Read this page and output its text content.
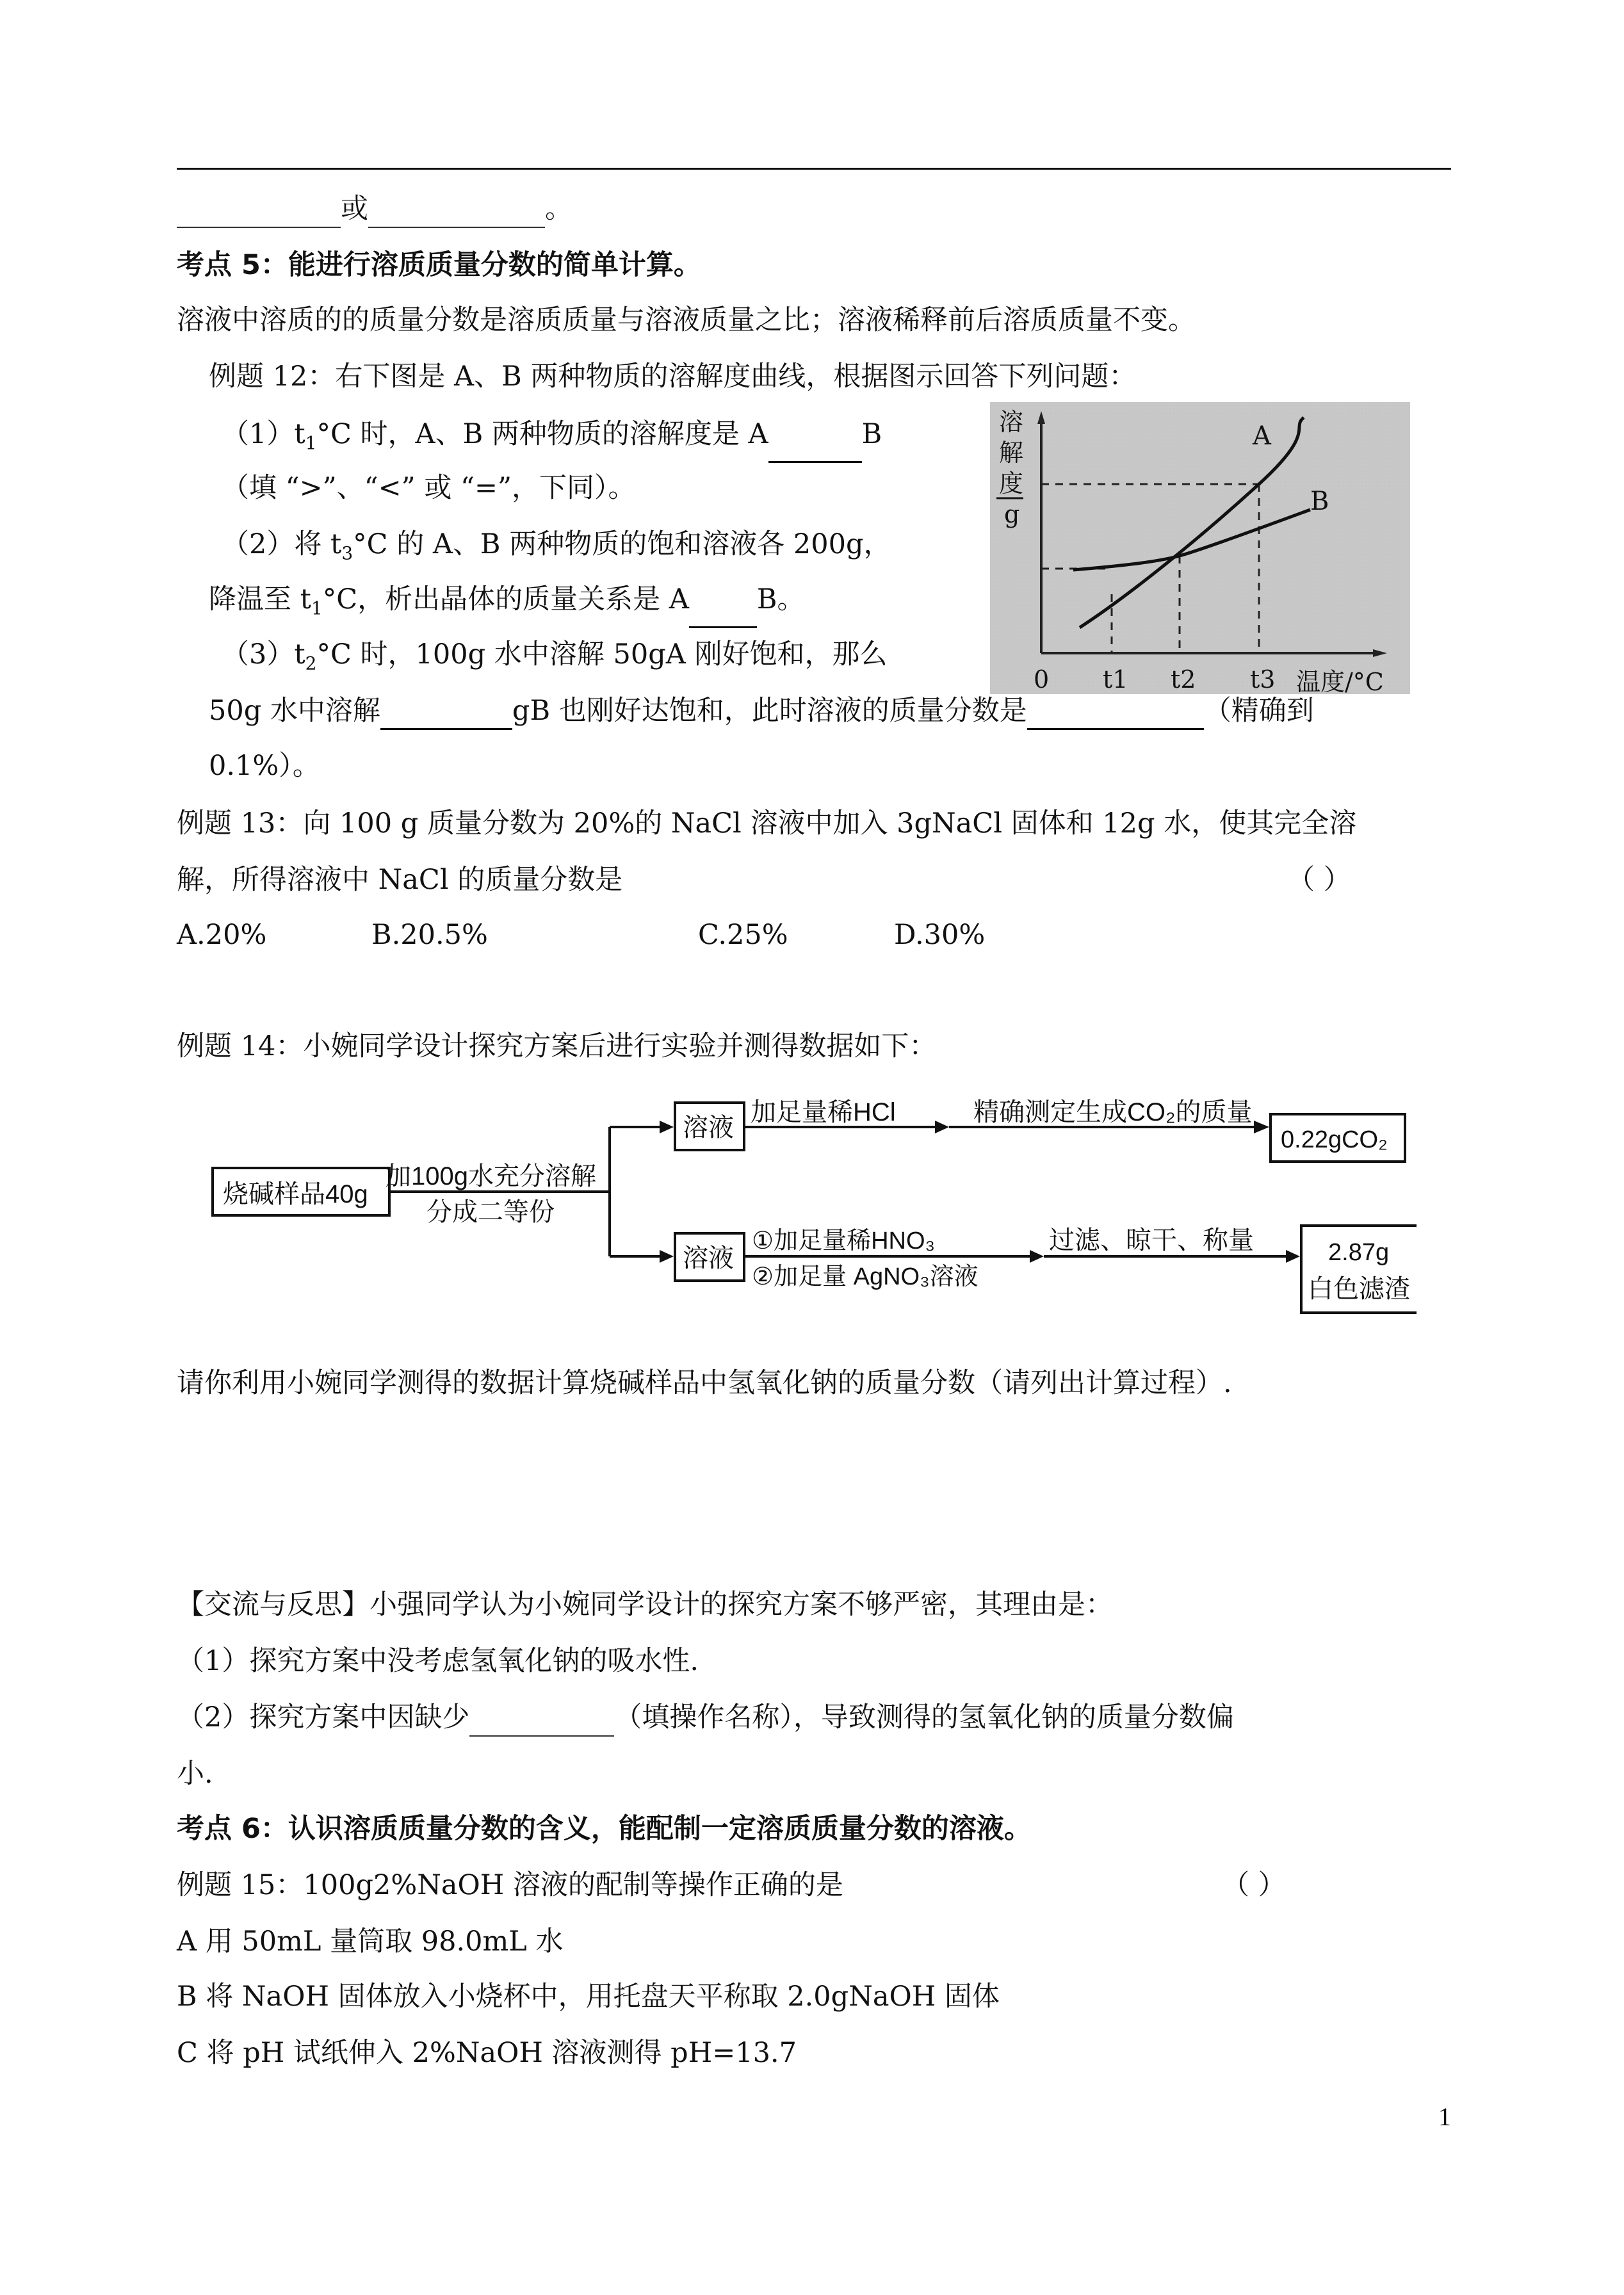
或	。
考点 5：能进行溶质质量分数的简单计算。
溶液中溶质的的质量分数是溶质质量与溶液质量之比；溶液稀释前后溶质质量不变。
例题 12：右下图是 A、B 两种物质的溶解度曲线，根据图示回答下列问题：
$(1)t_1^\circ C$ 时，A、B 两种物质的溶解度是 A	B
（填 “>”、“<” 或 “=”，下同）。
（2）将 $t_3^\circ C$ 的 A、B 两种物质的饱和溶液各 200g，
降温至 $t_1^\circ C$，析出晶体的质量关系是 A B。
$(3)t_2^\circ C$ 时，100g 水中溶解 50gA 刚好饱和，那么
50g 水中溶解	gB 也刚好达饱和，此时溶液的质量分数是	（精确到
0.1%）。
溶
解
度
g
A
B
0 t1 t2 t3 温度/°C
例题 13：向 100 g 质量分数为 20%的 NaCl 溶液中加入 3gNaCl 固体和 12g 水，使其完全溶
解，所得溶液中 NaCl 的质量分数是	（ ）
A.20%	B.20.5%	C.25%	D.30%
例题 14：小婉同学设计探究方案后进行实验并测得数据如下：
烧碱样品40g
加100g水充分溶解
分成二等份
溶液
加足量稀HCl	精确测定生成CO₂的质量
0.22gCO₂
溶液
①加足量稀HNO₃
②加足量 AgNO₃溶液
过滤、晾干、称量	2.87g
白色滤渣
请你利用小婉同学测得的数据计算烧碱样品中氢氧化钠的质量分数（请列出计算过程）.
【交流与反思】小强同学认为小婉同学设计的探究方案不够严密，其理由是：
（1）探究方案中没考虑氢氧化钠的吸水性.
（2）探究方案中因缺少	（填操作名称），导致测得的氢氧化钠的质量分数偏
小.
考点 6：认识溶质质量分数的含义，能配制一定溶质质量分数的溶液。
例题 15：100g2%NaOH 溶液的配制等操作正确的是	（ ）
A 用 50mL 量筒取 98.0mL 水
B 将 NaOH 固体放入小烧杯中，用托盘天平称取 2.0gNaOH 固体
C 将 pH 试纸伸入 2%NaOH 溶液测得 pH=13.7
1
